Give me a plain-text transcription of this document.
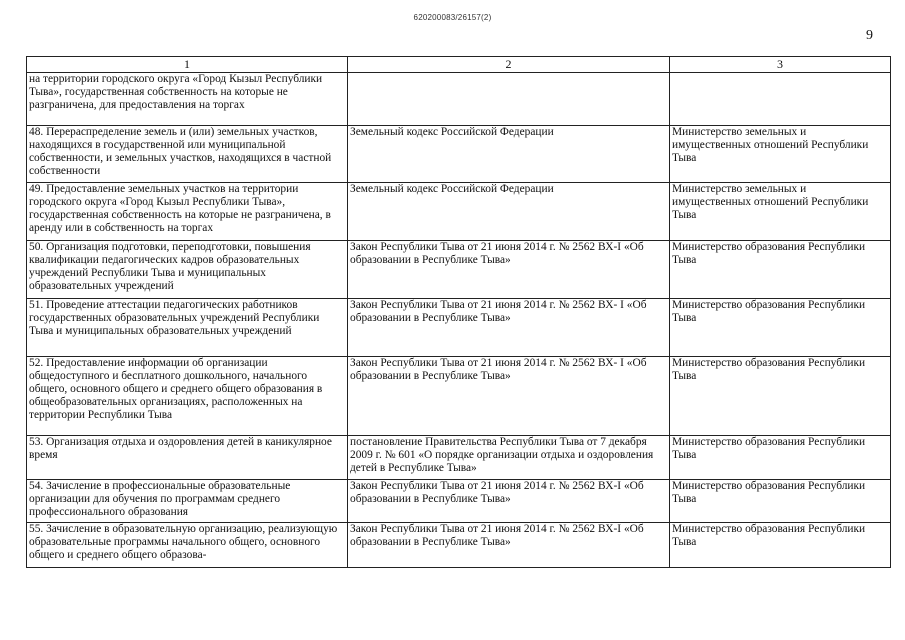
620200083/26157(2)
9
1	2	3
на территории городского округа «Город Кызыл Республики Тыва», государственная собственность на которые не разграничена, для предоставления на торгах		
48. Перераспределение земель и (или) земельных участков, находящихся в государственной или муниципальной собственности, и земельных участков, находящихся в частной собственности	Земельный кодекс Российской Федерации	Министерство земельных и имущественных отношений Республики Тыва
49. Предоставление земельных участков на территории городского округа «Город Кызыл Республики Тыва», государственная собственность на которые не разграничена, в аренду или в собственность на торгах	Земельный кодекс Российской Федерации	Министерство земельных и имущественных отношений Республики Тыва
50. Организация подготовки, переподготовки, повышения квалификации педагогических кадров образовательных учреждений Республики Тыва и муниципальных образовательных учреждений	Закон Республики Тыва от 21 июня 2014 г. № 2562 ВХ-I «Об образовании в Республике Тыва»	Министерство образования Республики Тыва
51. Проведение аттестации педагогических работников государственных образовательных учреждений Республики Тыва и муниципальных образовательных учреждений	Закон Республики Тыва от 21 июня 2014 г. № 2562 ВХ- I «Об образовании в Республике Тыва»	Министерство образования Республики Тыва
52. Предоставление информации об организации общедоступного и бесплатного дошкольного, начального общего, основного общего и среднего общего образования в общеобразовательных организациях, расположенных на территории Республики Тыва	Закон Республики Тыва от 21 июня 2014 г. № 2562 ВХ- I «Об образовании в Республике Тыва»	Министерство образования Республики Тыва
53. Организация отдыха и оздоровления детей в каникулярное время	постановление Правительства Республики Тыва от 7 декабря 2009 г. № 601 «О порядке организации отдыха и оздоровления детей в Республике Тыва»	Министерство образования Республики Тыва
54. Зачисление в профессиональные образовательные организации для обучения по программам среднего профессионального образования	Закон Республики Тыва от 21 июня 2014 г. № 2562 ВХ-I «Об образовании в Республике Тыва»	Министерство образования Республики Тыва
55. Зачисление в образовательную организацию, реализующую образовательные программы начального общего, основного общего и среднего общего образова-	Закон Республики Тыва от 21 июня 2014 г. № 2562 ВХ-I «Об образовании в Республике Тыва»	Министерство образования Республики Тыва
